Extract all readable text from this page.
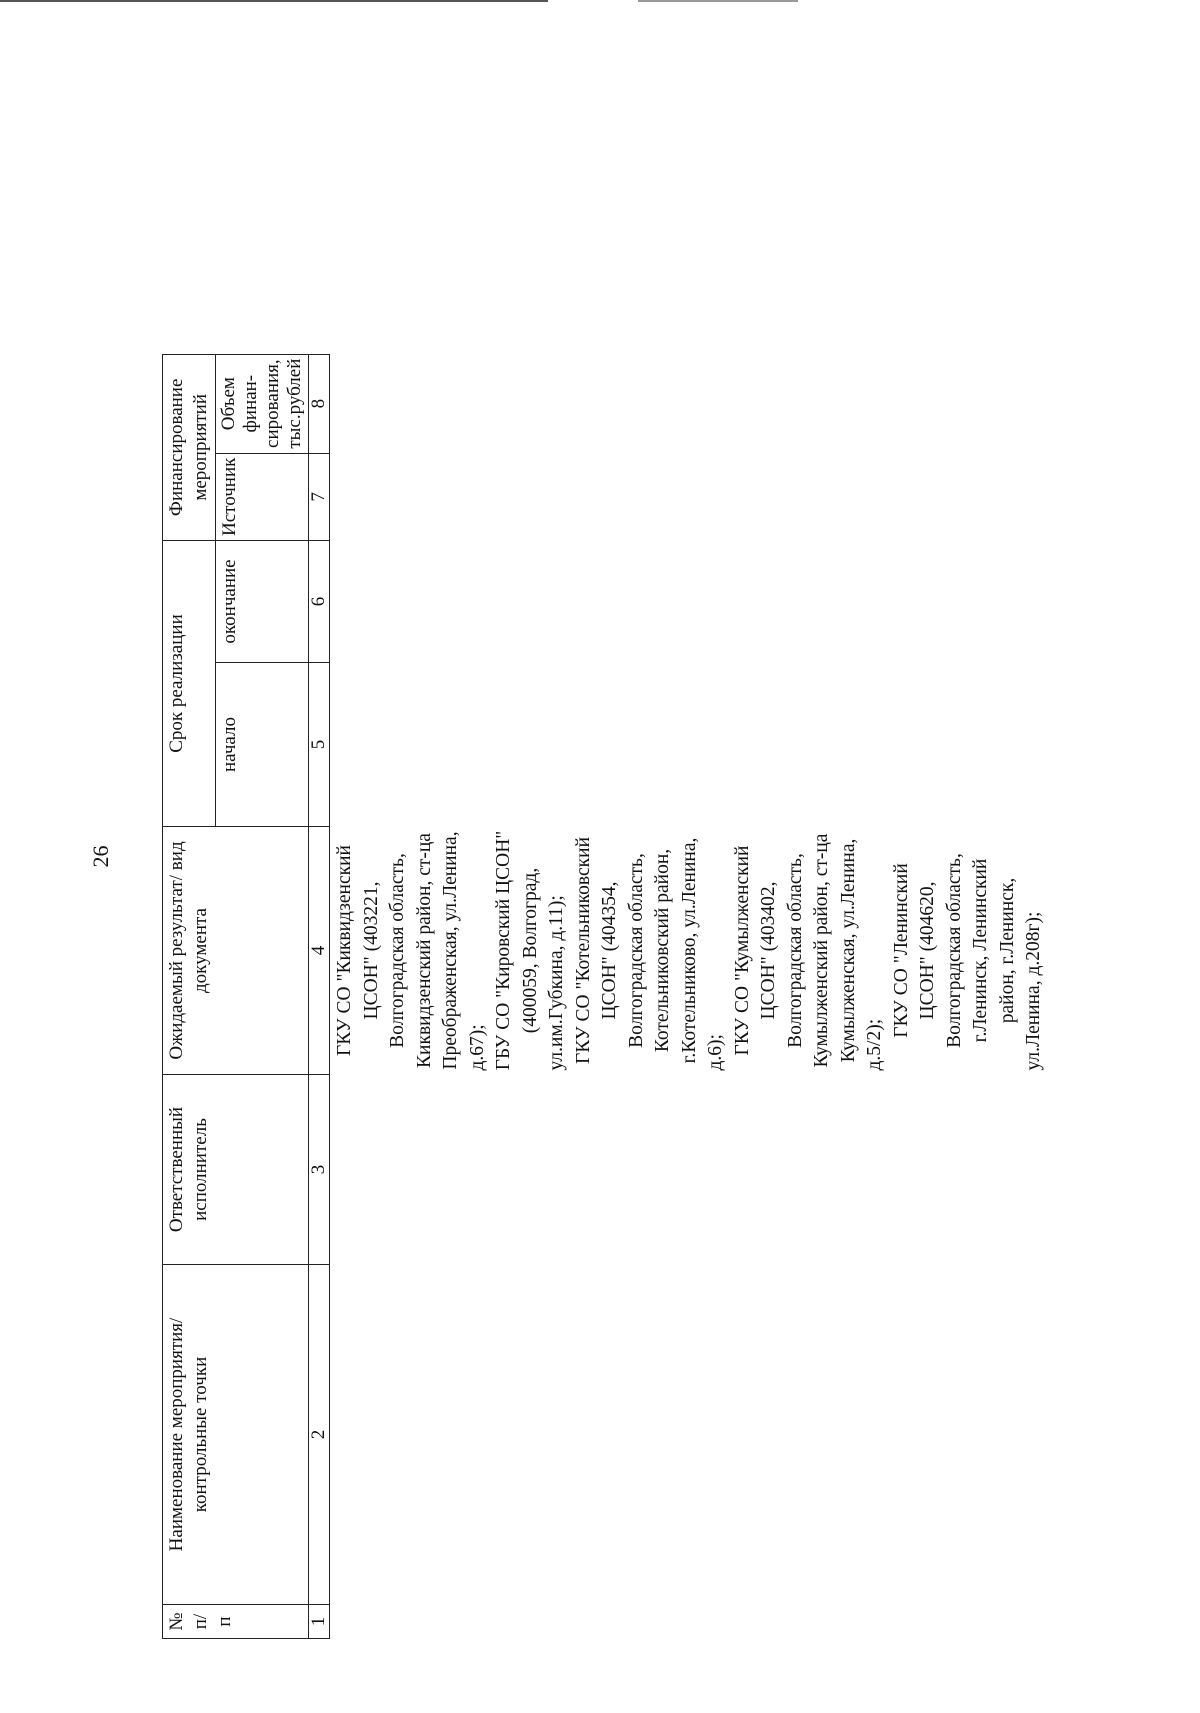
26
№ п/п	Наименование мероприятия/ контрольные точки	Ответственный исполнитель	Ожидаемый результат/ вид документа	Срок реализации		Финансирование мероприятий	
				начало	окончание	Источник	Объем финан-сирования, тыс.рублей
1	2	3	4	5	6	7	8

			ГКУ СО "Киквидзенский ЦСОН" (403221, Волгоградская область, Киквидзенский район, ст-ца Преображенская, ул.Ленина, д.67); ГБУ СО "Кировский ЦСОН" (400059, Волгоград, ул.им.Губкина, д.11); ГКУ СО "Котельниковский ЦСОН" (404354, Волгоградская область, Котельниковский район, г.Котельниково, ул.Ленина, д.6); ГКУ СО "Кумылженский ЦСОН" (403402, Волгоградская область, Кумылженский район, ст-ца Кумылженская, ул.Ленина, д.5/2);
ГКУ СО "Ленинский ЦСОН" (404620, Волгоградская область, г.Ленинск, Ленинский район, г.Ленинск, ул.Ленина, д.208г);				
